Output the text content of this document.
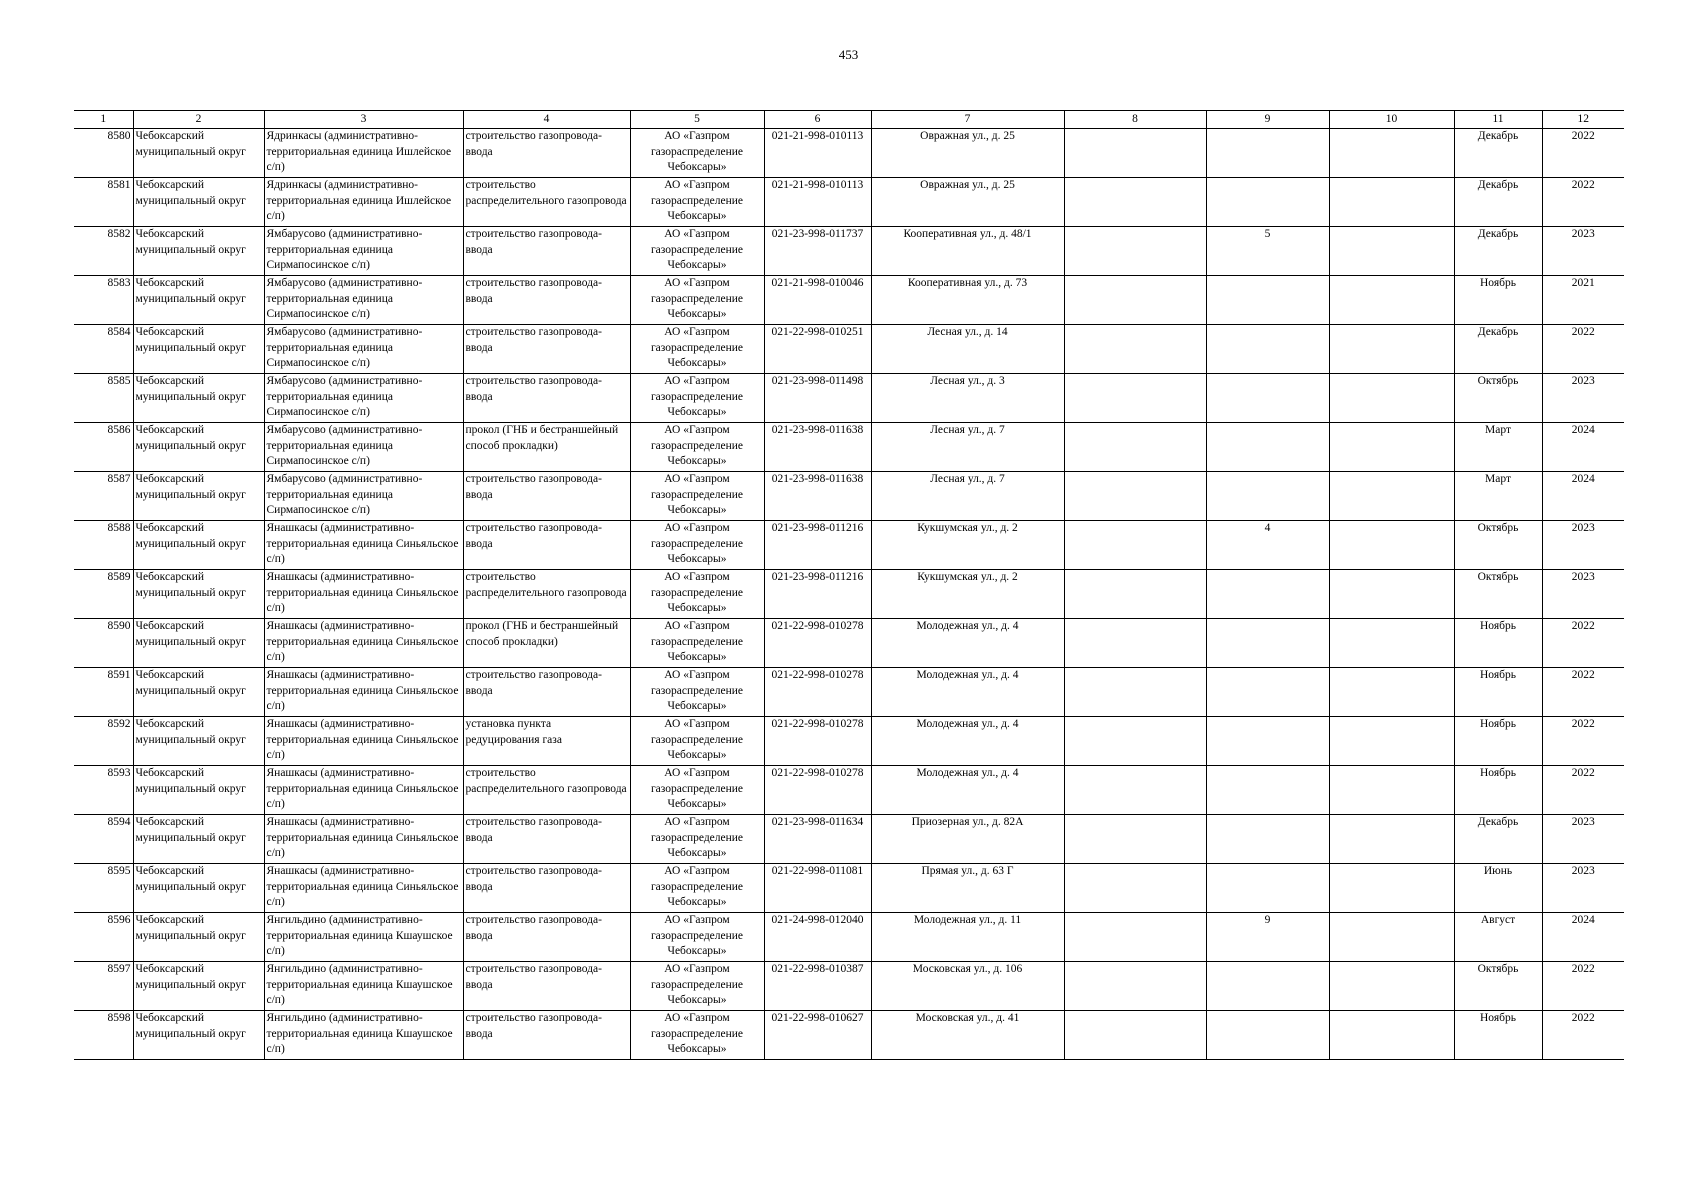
453
1	2	3	4	5	6	7	8	9	10	11	12
8580	Чебоксарский муниципальный округ	Ядринкасы (административно-территориальная единица Ишлейское с/п)	строительство газопровода-ввода	АО «Газпром газораспределение Чебоксары»	021-21-998-010113	Овражная ул., д. 25				Декабрь	2022
8581	Чебоксарский муниципальный округ	Ядринкасы (административно-территориальная единица Ишлейское с/п)	строительство распределительного газопровода	АО «Газпром газораспределение Чебоксары»	021-21-998-010113	Овражная ул., д. 25				Декабрь	2022
8582	Чебоксарский муниципальный округ	Ямбарусово (административно-территориальная единица Сирмапосинское с/п)	строительство газопровода-ввода	АО «Газпром газораспределение Чебоксары»	021-23-998-011737	Кооперативная ул., д. 48/1		5		Декабрь	2023
8583	Чебоксарский муниципальный округ	Ямбарусово (административно-территориальная единица Сирмапосинское с/п)	строительство газопровода-ввода	АО «Газпром газораспределение Чебоксары»	021-21-998-010046	Кооперативная ул., д. 73				Ноябрь	2021
8584	Чебоксарский муниципальный округ	Ямбарусово (административно-территориальная единица Сирмапосинское с/п)	строительство газопровода-ввода	АО «Газпром газораспределение Чебоксары»	021-22-998-010251	Лесная ул., д. 14				Декабрь	2022
8585	Чебоксарский муниципальный округ	Ямбарусово (административно-территориальная единица Сирмапосинское с/п)	строительство газопровода-ввода	АО «Газпром газораспределение Чебоксары»	021-23-998-011498	Лесная ул., д. 3				Октябрь	2023
8586	Чебоксарский муниципальный округ	Ямбарусово (административно-территориальная единица Сирмапосинское с/п)	прокол (ГНБ и бестраншейный способ прокладки)	АО «Газпром газораспределение Чебоксары»	021-23-998-011638	Лесная ул., д. 7				Март	2024
8587	Чебоксарский муниципальный округ	Ямбарусово (административно-территориальная единица Сирмапосинское с/п)	строительство газопровода-ввода	АО «Газпром газораспределение Чебоксары»	021-23-998-011638	Лесная ул., д. 7				Март	2024
8588	Чебоксарский муниципальный округ	Янашкасы (административно-территориальная единица Синьяльское с/п)	строительство газопровода-ввода	АО «Газпром газораспределение Чебоксары»	021-23-998-011216	Кукшумская ул., д. 2		4		Октябрь	2023
8589	Чебоксарский муниципальный округ	Янашкасы (административно-территориальная единица Синьяльское с/п)	строительство распределительного газопровода	АО «Газпром газораспределение Чебоксары»	021-23-998-011216	Кукшумская ул., д. 2				Октябрь	2023
8590	Чебоксарский муниципальный округ	Янашкасы (административно-территориальная единица Синьяльское с/п)	прокол (ГНБ и бестраншейный способ прокладки)	АО «Газпром газораспределение Чебоксары»	021-22-998-010278	Молодежная ул., д. 4				Ноябрь	2022
8591	Чебоксарский муниципальный округ	Янашкасы (административно-территориальная единица Синьяльское с/п)	строительство газопровода-ввода	АО «Газпром газораспределение Чебоксары»	021-22-998-010278	Молодежная ул., д. 4				Ноябрь	2022
8592	Чебоксарский муниципальный округ	Янашкасы (административно-территориальная единица Синьяльское с/п)	установка пункта редуцирования газа	АО «Газпром газораспределение Чебоксары»	021-22-998-010278	Молодежная ул., д. 4				Ноябрь	2022
8593	Чебоксарский муниципальный округ	Янашкасы (административно-территориальная единица Синьяльское с/п)	строительство распределительного газопровода	АО «Газпром газораспределение Чебоксары»	021-22-998-010278	Молодежная ул., д. 4				Ноябрь	2022
8594	Чебоксарский муниципальный округ	Янашкасы (административно-территориальная единица Синьяльское с/п)	строительство газопровода-ввода	АО «Газпром газораспределение Чебоксары»	021-23-998-011634	Приозерная ул., д. 82А				Декабрь	2023
8595	Чебоксарский муниципальный округ	Янашкасы (административно-территориальная единица Синьяльское с/п)	строительство газопровода-ввода	АО «Газпром газораспределение Чебоксары»	021-22-998-011081	Прямая ул., д. 63 Г				Июнь	2023
8596	Чебоксарский муниципальный округ	Янгильдино (административно-территориальная единица Кшаушское с/п)	строительство газопровода-ввода	АО «Газпром газораспределение Чебоксары»	021-24-998-012040	Молодежная ул., д. 11		9		Август	2024
8597	Чебоксарский муниципальный округ	Янгильдино (административно-территориальная единица Кшаушское с/п)	строительство газопровода-ввода	АО «Газпром газораспределение Чебоксары»	021-22-998-010387	Московская ул., д. 106				Октябрь	2022
8598	Чебоксарский муниципальный округ	Янгильдино (административно-территориальная единица Кшаушское с/п)	строительство газопровода-ввода	АО «Газпром газораспределение Чебоксары»	021-22-998-010627	Московская ул., д. 41				Ноябрь	2022
